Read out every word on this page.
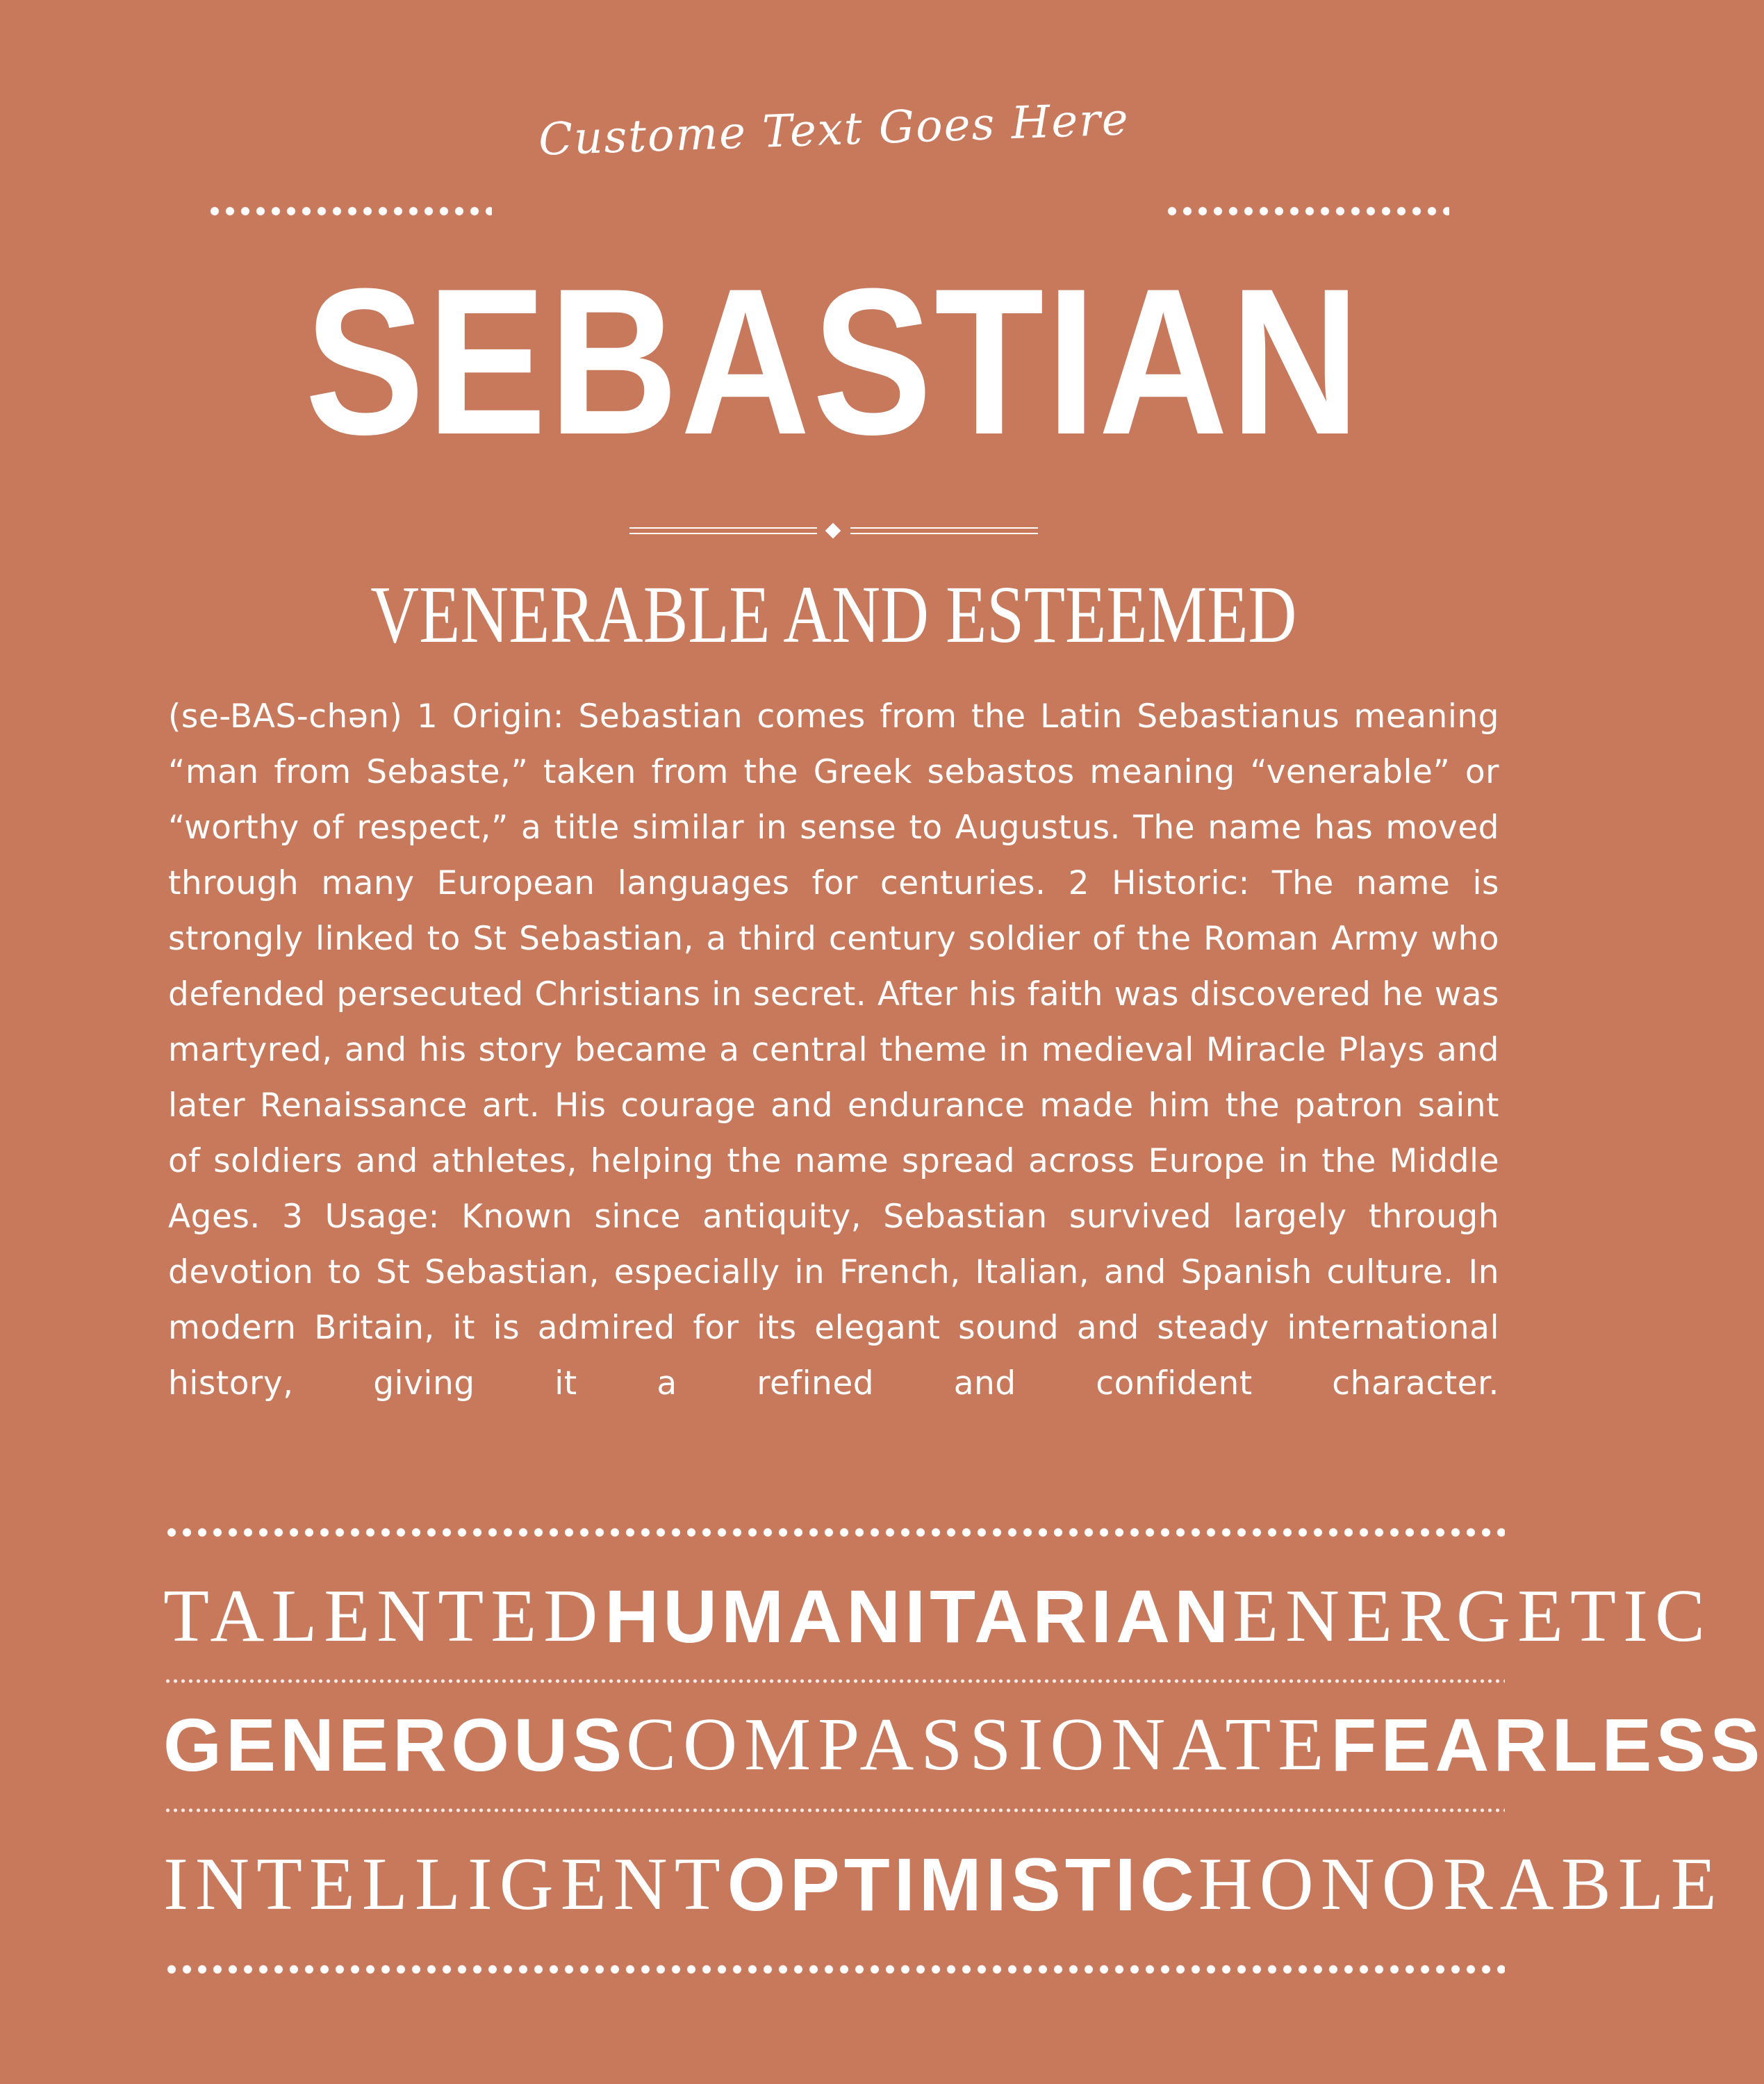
Custome Text Goes Here
SEBASTIAN
VENERABLE AND ESTEEMED
(se-BAS-chən) 1 Origin: Sebastian comes from the Latin Sebastianus meaning “man from Sebaste,” taken from the Greek sebastos meaning “venerable” or “worthy of respect,” a title similar in sense to Augustus. The name has moved through many European languages for centuries. 2 Historic: The name is strongly linked to St Sebastian, a third century soldier of the Roman Army who defended persecuted Christians in secret. After his faith was discovered he was martyred, and his story became a central theme in medieval Miracle Plays and later Renaissance art. His courage and endurance made him the patron saint of soldiers and athletes, helping the name spread across Europe in the Middle Ages. 3 Usage: Known since antiquity, Sebastian survived largely through devotion to St Sebastian, especially in French, Italian, and Spanish culture. In modern Britain, it is admired for its elegant sound and steady international history, giving it a refined and confident character.
TALENTED HUMANITARIAN ENERGETIC
GENEROUS COMPASSIONATE FEARLESS
INTELLIGENT OPTIMISTIC HONORABLE
